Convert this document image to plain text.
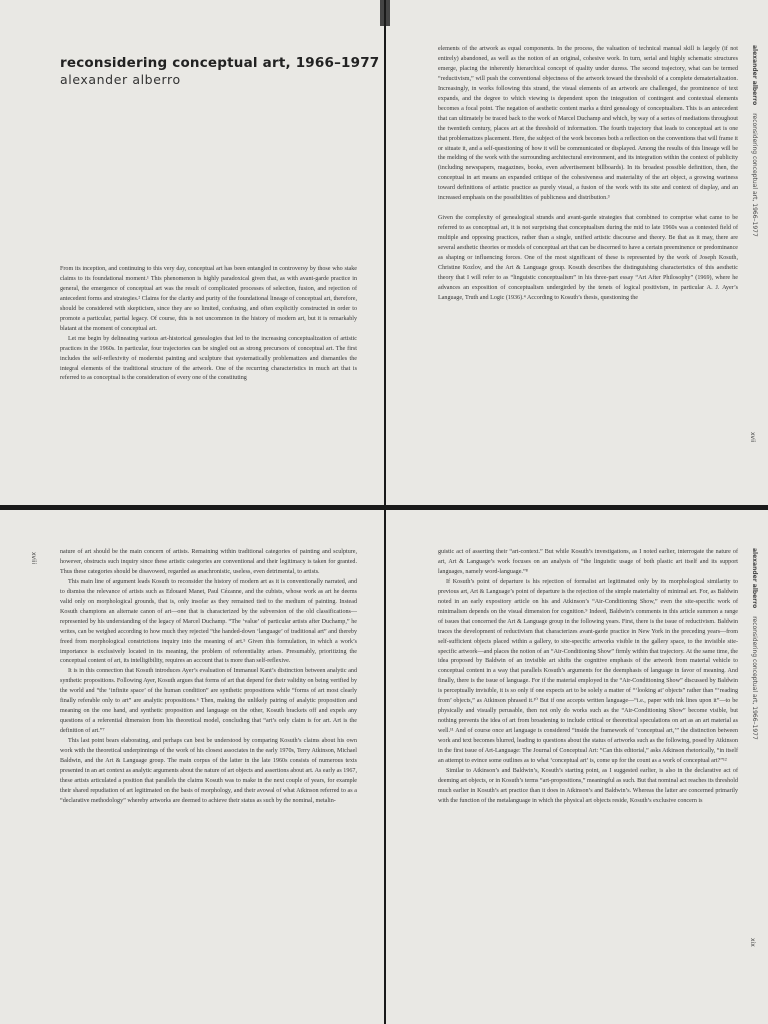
reconsidering conceptual art, 1966–1977
alexander alberro

From its inception, and continuing to this very day, conceptual art has been entangled in controversy by those who stake claims to its foundational moment.¹ This phenomenon is highly paradoxical given that, as with avant-garde practice in general, the emergence of conceptual art was the result of complicated processes of selection, fusion, and rejection of antecedent forms and strategies.² Claims for the clarity and purity of the foundational lineage of conceptual art, therefore, should be considered with skepticism, since they are so limited, confusing, and often explicitly constructed in order to promote a particular, partial legacy. Of course, this is not uncommon in the history of modern art, but it is remarkably blatant at the moment of conceptual art.

Let me begin by delineating various art-historical genealogies that led to the increasing conceptualization of artistic practices in the 1960s. In particular, four trajectories can be singled out as strong precursors of conceptual art. The first includes the self-reflexivity of modernist painting and sculpture that systematically problematizes and dismantles the integral elements of the traditional structure of the artwork. One of the recurring characteristics in much art that is referred to as conceptual is the consideration of every one of the constituting

elements of the artwork as equal components. In the process, the valuation of technical manual skill is largely (if not entirely) abandoned, as well as the notion of an original, cohesive work. In turn, serial and highly schematic structures emerge, placing the inherently hierarchical concept of quality under duress. The second trajectory, what can be termed “reductivism,” will push the conventional objectness of the artwork toward the threshold of a complete dematerialization. Increasingly, in works following this strand, the visual elements of an artwork are challenged, the prominence of text expands, and the degree to which viewing is dependent upon the integration of contingent and contextual elements becomes a focal point. The negation of aesthetic content marks a third genealogy of conceptualism. This is an antecedent that can ultimately be traced back to the work of Marcel Duchamp and which, by way of a series of mediations throughout the twentieth century, places art at the threshold of information. The fourth trajectory that leads to conceptual art is one that problematizes placement. Here, the subject of the work becomes both a reflection on the conventions that will frame it or situate it, and a self-questioning of how it will be communicated or displayed. Among the results of this lineage will be the melding of the work with the surrounding architectural environment, and its integration within the context of publicity (including newspapers, magazines, books, even advertisement billboards). In its broadest possible definition, then, the conceptual in art means an expanded critique of the cohesiveness and materiality of the art object, a growing wariness toward definitions of artistic practice as purely visual, a fusion of the work with its site and context of display, and an increased emphasis on the possibilities of publicness and distribution.³

Given the complexity of genealogical strands and avant-garde strategies that combined to comprise what came to be referred to as conceptual art, it is not surprising that conceptualism during the mid to late 1960s was a contested field of multiple and opposing practices, rather than a single, unified artistic discourse and theory. Be that as it may, there are several aesthetic theories or models of conceptual art that can be discerned to have a certain preeminence or predominance as shaping or influencing forces. One of the most significant of these is represented by the work of Joseph Kosuth, Christine Kozlov, and the Art & Language group. Kosuth describes the distinguishing characteristics of this aesthetic theory that I will refer to as “linguistic conceptualism” in his three-part essay “Art After Philosophy” (1969), where he advances an exposition of conceptualism undergirded by the tenets of logical positivism, in particular A. J. Ayer’s Language, Truth and Logic (1936).⁴ According to Kosuth’s thesis, questioning the

alexander alberro reconsidering conceptual art, 1966–1977
xvii
xviii	nature of art should be the main concern of artists. Remaining within traditional categories of painting and sculpture, however, obstructs such inquiry since these artistic categories are conventional and their legitimacy is taken for granted. Thus these categories should be disavowed, regarded as anachronistic, useless, even detrimental, to artists.

This main line of argument leads Kosuth to reconsider the history of modern art as it is conventionally narrated, and to dismiss the relevance of artists such as Edouard Manet, Paul Cézanne, and the cubists, whose work as art he deems valid only on morphological grounds, that is, only insofar as they remained tied to the medium of painting. Instead Kosuth champions an alternate canon of art—one that is characterized by the subversion of the old classifications—represented by his understanding of the legacy of Marcel Duchamp. “The ‘value’ of particular artists after Duchamp,” he writes, can be weighed according to how much they rejected “the handed-down ‘language’ of traditional art” and thereby freed from morphological constrictions inquiry into the meaning of art.⁵ Given this formulation, in which a work’s importance is exclusively located in its meaning, the problem of referentiality arises. Presumably, prioritizing the conceptual content of art, its intelligibility, requires an account that is more than self-reflexive.

It is in this connection that Kosuth introduces Ayer’s evaluation of Immanuel Kant’s distinction between analytic and synthetic propositions. Following Ayer, Kosuth argues that forms of art that depend for their validity on being verified by the world and “the ‘infinite space’ of the human condition” are synthetic propositions while “forms of art most clearly finally referable only to art” are analytic propositions.⁶ Then, making the unlikely pairing of analytic proposition and meaning on the one hand, and synthetic proposition and language on the other, Kosuth brackets off and expels any questions of a referential dimension from his theoretical model, concluding that “art’s only claim is for art. Art is the definition of art.”⁷

This last point bears elaborating, and perhaps can best be understood by comparing Kosuth’s claims about his own work with the theoretical underpinnings of the work of his closest associates in the early 1970s, Terry Atkinson, Michael Baldwin, and the Art & Language group. The main corpus of the latter in the late 1960s consists of numerous texts presented in an art context as analytic arguments about the nature of art objects and assertions about art. As early as 1967, these artists articulated a position that parallels the claims Kosuth was to make in the next couple of years, for example their shared repudiation of art legitimated on the basis of morphology, and their avowal of what Atkinson referred to as a “declarative methodology” whereby artworks are deemed to achieve their status as such by the nominal, metalin-

guistic act of asserting their “art-context.” But while Kosuth’s investigations, as I noted earlier, interrogate the nature of art, Art & Language’s work focuses on an analysis of “the linguistic usage of both plastic art itself and its support languages, namely word-language.”⁸

If Kosuth’s point of departure is his rejection of formalist art legitimated only by its morphological similarity to previous art, Art & Language’s point of departure is the rejection of the simple materiality of minimal art. For, as Baldwin noted in an early expository article on his and Atkinson’s “Air-Conditioning Show,” even the site-specific work of minimalism depends on the visual dimension for cognition.⁹ Indeed, Baldwin’s comments in this article summon a range of issues that concerned the Art & Language group in the following years. First, there is the issue of reductivism. Baldwin traces the development of reductivism that characterizes avant-garde practice in New York in the preceding years—from self-sufficient objects placed within a gallery, to site-specific artworks visible in the gallery space, to the invisible site-specific artwork—and places the notion of an “Air-Conditioning Show” firmly within that trajectory. At the same time, the idea proposed by Baldwin of an invisible art shifts the cognitive emphasis of the artwork from material vehicle to conceptual content in a way that parallels Kosuth’s arguments for the deemphasis of language in favor of meaning. And finally, there is the issue of language. For if the material employed in the “Air-Conditioning Show” discussed by Baldwin is perceptually invisible, it is so only if one expects art to be solely a matter of “‘looking at’ objects” rather than “‘reading from’ objects,” as Atkinson phrased it.¹⁰ But if one accepts written language—“i.e., paper with ink lines upon it”—to be physically and visually perusable, then not only do works such as the “Air-Conditioning Show” become visible, but nothing prevents the idea of art from broadening to include critical or theoretical speculations on art as an art material as well.¹¹ And of course once art language is considered “inside the framework of ‘conceptual art,’” the distinction between work and text becomes blurred, leading to questions about the status of artworks such as the following, posed by Atkinson in the first issue of Art-Language: The Journal of Conceptual Art: “Can this editorial,” asks Atkinson rhetorically, “in itself an attempt to evince some outlines as to what ‘conceptual art’ is, come up for the count as a work of conceptual art?”¹²

Similar to Atkinson’s and Baldwin’s, Kosuth’s starting point, as I suggested earlier, is also in the declarative act of deeming art objects, or in Kosuth’s terms “art-propositions,” meaningful as such. But that nominal act reaches its threshold much earlier in Kosuth’s art practice than it does in Atkinson’s and Baldwin’s. Whereas the latter are concerned primarily with the function of the metalanguage in which the physical art objects reside, Kosuth’s exclusive concern is

alexander alberro reconsidering conceptual art, 1966–1977
xix
